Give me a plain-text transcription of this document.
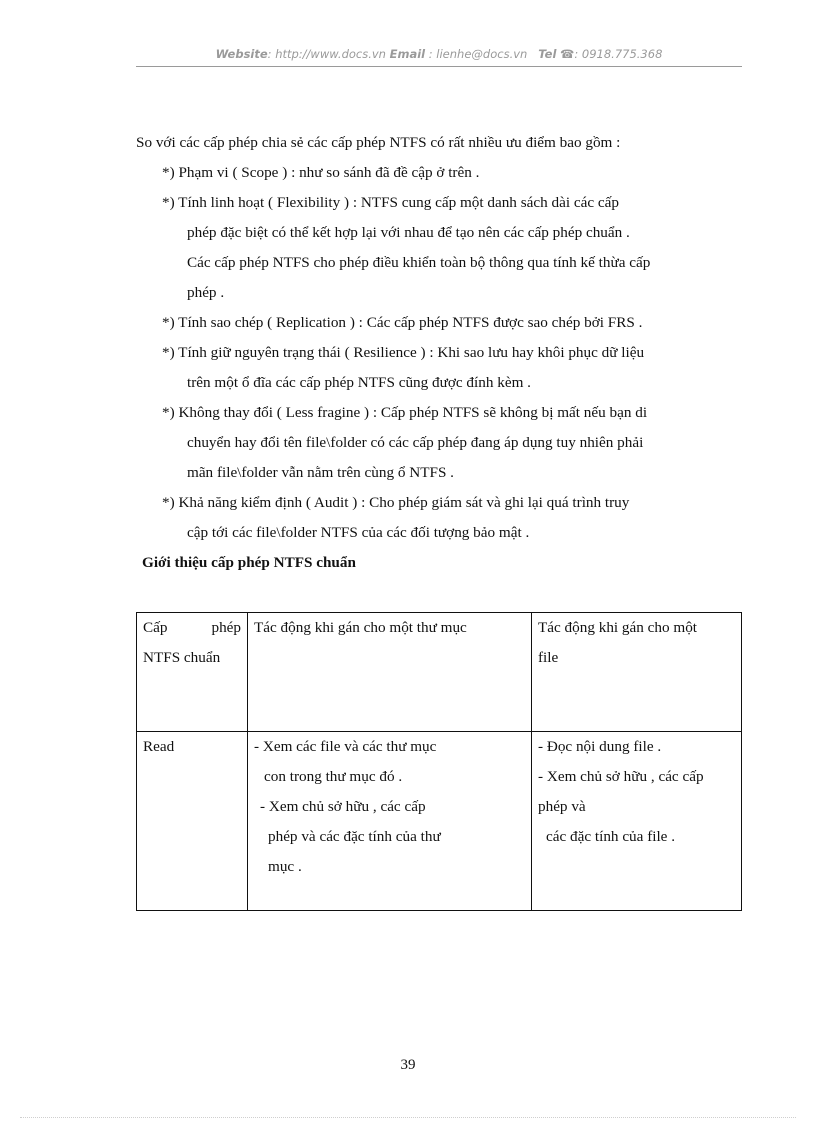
Website: http://www.docs.vn Email : lienhe@docs.vn Tel ☎: 0918.775.368
So với các cấp phép chia sẻ các cấp phép NTFS có rất nhiều ưu điểm bao gồm :
*) Phạm vi ( Scope ) : như so sánh đã đề cập ở trên .
*) Tính linh hoạt ( Flexibility ) : NTFS cung cấp một danh sách dài các cấp
phép đặc biệt có thể kết hợp lại với nhau để tạo nên các cấp phép chuẩn .
Các cấp phép NTFS cho phép điều khiển toàn bộ thông qua tính kế thừa cấp
phép .
*) Tính sao chép ( Replication ) : Các cấp phép NTFS được sao chép bởi FRS .
*) Tính giữ nguyên trạng thái ( Resilience ) : Khi sao lưu hay khôi phục dữ liệu
trên một ổ đĩa các cấp phép NTFS cũng được đính kèm .
*) Không thay đổi ( Less fragine ) : Cấp phép NTFS sẽ không bị mất nếu bạn di
chuyển hay đổi tên file\folder có các cấp phép đang áp dụng tuy nhiên phải
mãn file\folder vẫn nằm trên cùng ổ NTFS .
*) Khả năng kiểm định ( Audit ) : Cho phép giám sát và ghi lại quá trình truy
cập tới các file\folder NTFS của các đối tượng bảo mật .
Giới thiệu cấp phép NTFS chuẩn
Cấp phép
NTFS chuẩn	Tác động khi gán cho một thư mục	Tác động khi gán cho một
file

Read	- Xem các file và các thư mục
con trong thư mục đó .
- Xem chủ sở hữu , các cấp
phép và các đặc tính của thư
mục .	- Đọc nội dung file .
- Xem chủ sở hữu , các cấp
phép và
các đặc tính của file .
39
